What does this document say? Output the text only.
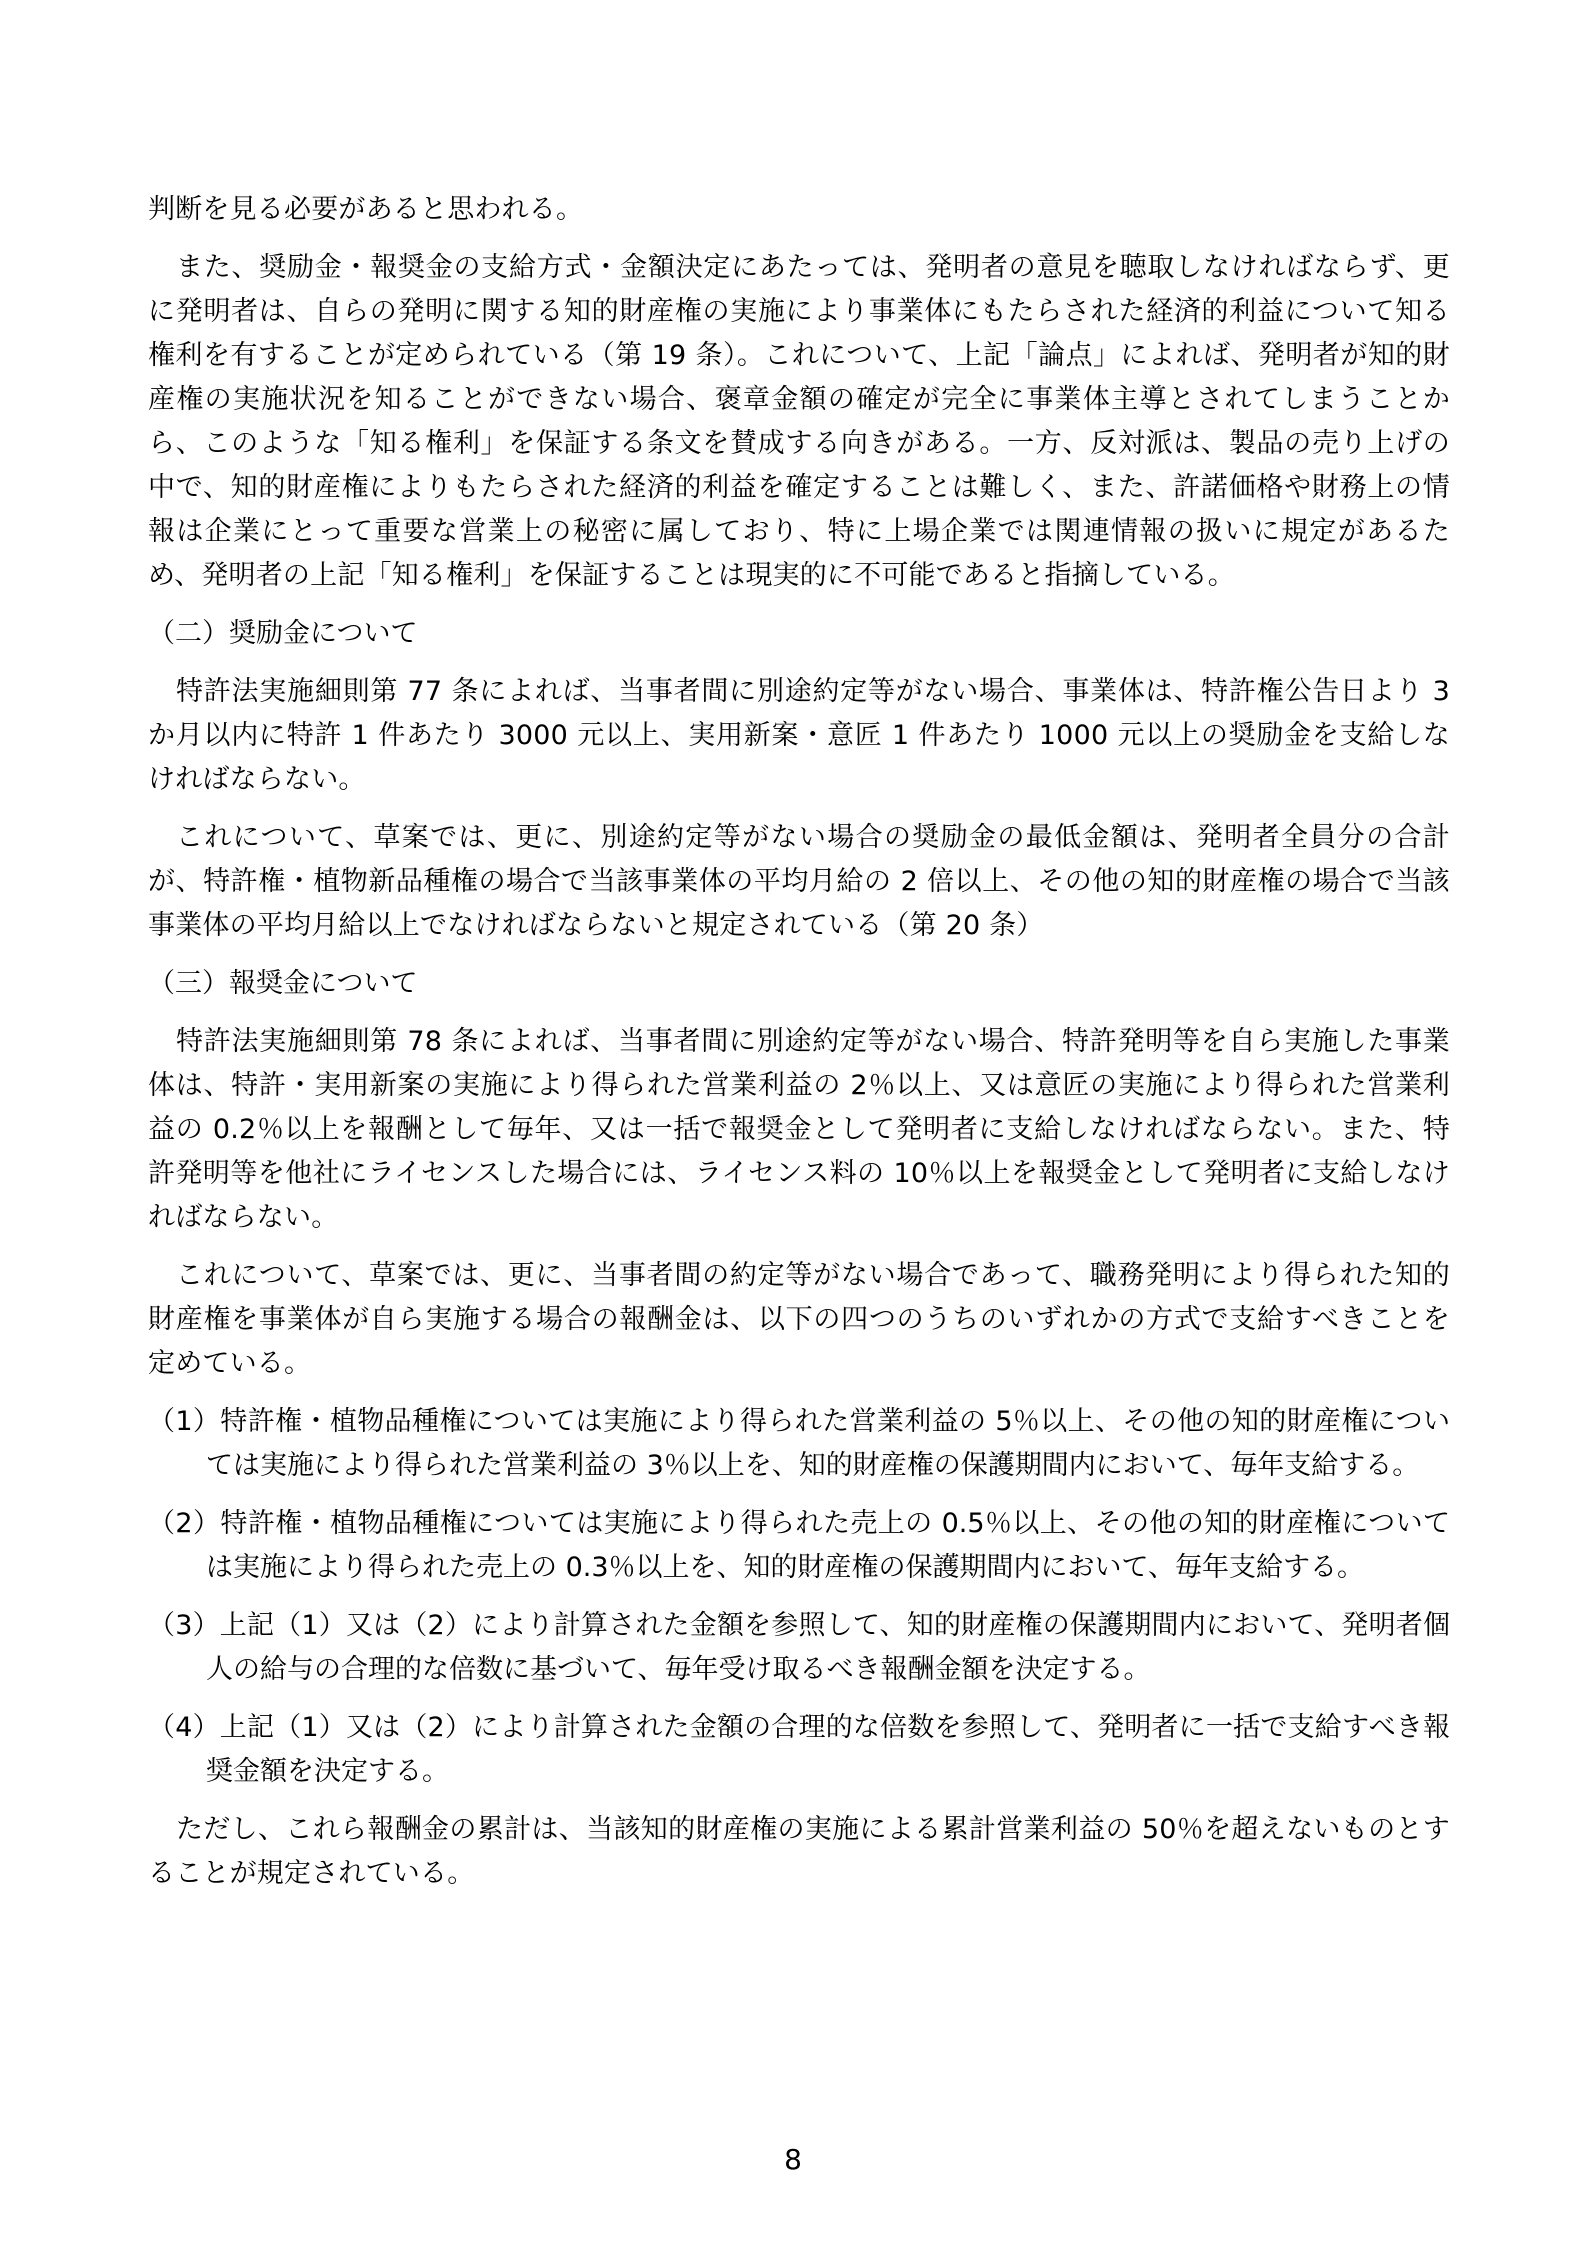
判断を見る必要があると思われる。

また、奨励金・報奨金の支給方式・金額決定にあたっては、発明者の意見を聴取しなければならず、更に発明者は、自らの発明に関する知的財産権の実施により事業体にもたらされた経済的利益について知る権利を有することが定められている（第 19 条）。これについて、上記「論点」によれば、発明者が知的財産権の実施状況を知ることができない場合、褒章金額の確定が完全に事業体主導とされてしまうことから、このような「知る権利」を保証する条文を賛成する向きがある。一方、反対派は、製品の売り上げの中で、知的財産権によりもたらされた経済的利益を確定することは難しく、また、許諾価格や財務上の情報は企業にとって重要な営業上の秘密に属しており、特に上場企業では関連情報の扱いに規定があるため、発明者の上記「知る権利」を保証することは現実的に不可能であると指摘している。

（二）奨励金について

特許法実施細則第 77 条によれば、当事者間に別途約定等がない場合、事業体は、特許権公告日より 3 か月以内に特許 1 件あたり 3000 元以上、実用新案・意匠 1 件あたり 1000 元以上の奨励金を支給しなければならない。

これについて、草案では、更に、別途約定等がない場合の奨励金の最低金額は、発明者全員分の合計が、特許権・植物新品種権の場合で当該事業体の平均月給の 2 倍以上、その他の知的財産権の場合で当該事業体の平均月給以上でなければならないと規定されている（第 20 条）

（三）報奨金について

特許法実施細則第 78 条によれば、当事者間に別途約定等がない場合、特許発明等を自ら実施した事業体は、特許・実用新案の実施により得られた営業利益の 2％以上、又は意匠の実施により得られた営業利益の 0.2％以上を報酬として毎年、又は一括で報奨金として発明者に支給しなければならない。また、特許発明等を他社にライセンスした場合には、ライセンス料の 10％以上を報奨金として発明者に支給しなければならない。

これについて、草案では、更に、当事者間の約定等がない場合であって、職務発明により得られた知的財産権を事業体が自ら実施する場合の報酬金は、以下の四つのうちのいずれかの方式で支給すべきことを定めている。

（1）特許権・植物品種権については実施により得られた営業利益の 5％以上、その他の知的財産権については実施により得られた営業利益の 3％以上を、知的財産権の保護期間内において、毎年支給する。

（2）特許権・植物品種権については実施により得られた売上の 0.5％以上、その他の知的財産権については実施により得られた売上の 0.3％以上を、知的財産権の保護期間内において、毎年支給する。

（3）上記（1）又は（2）により計算された金額を参照して、知的財産権の保護期間内において、発明者個人の給与の合理的な倍数に基づいて、毎年受け取るべき報酬金額を決定する。

（4）上記（1）又は（2）により計算された金額の合理的な倍数を参照して、発明者に一括で支給すべき報奨金額を決定する。

ただし、これら報酬金の累計は、当該知的財産権の実施による累計営業利益の 50％を超えないものとすることが規定されている。

8
